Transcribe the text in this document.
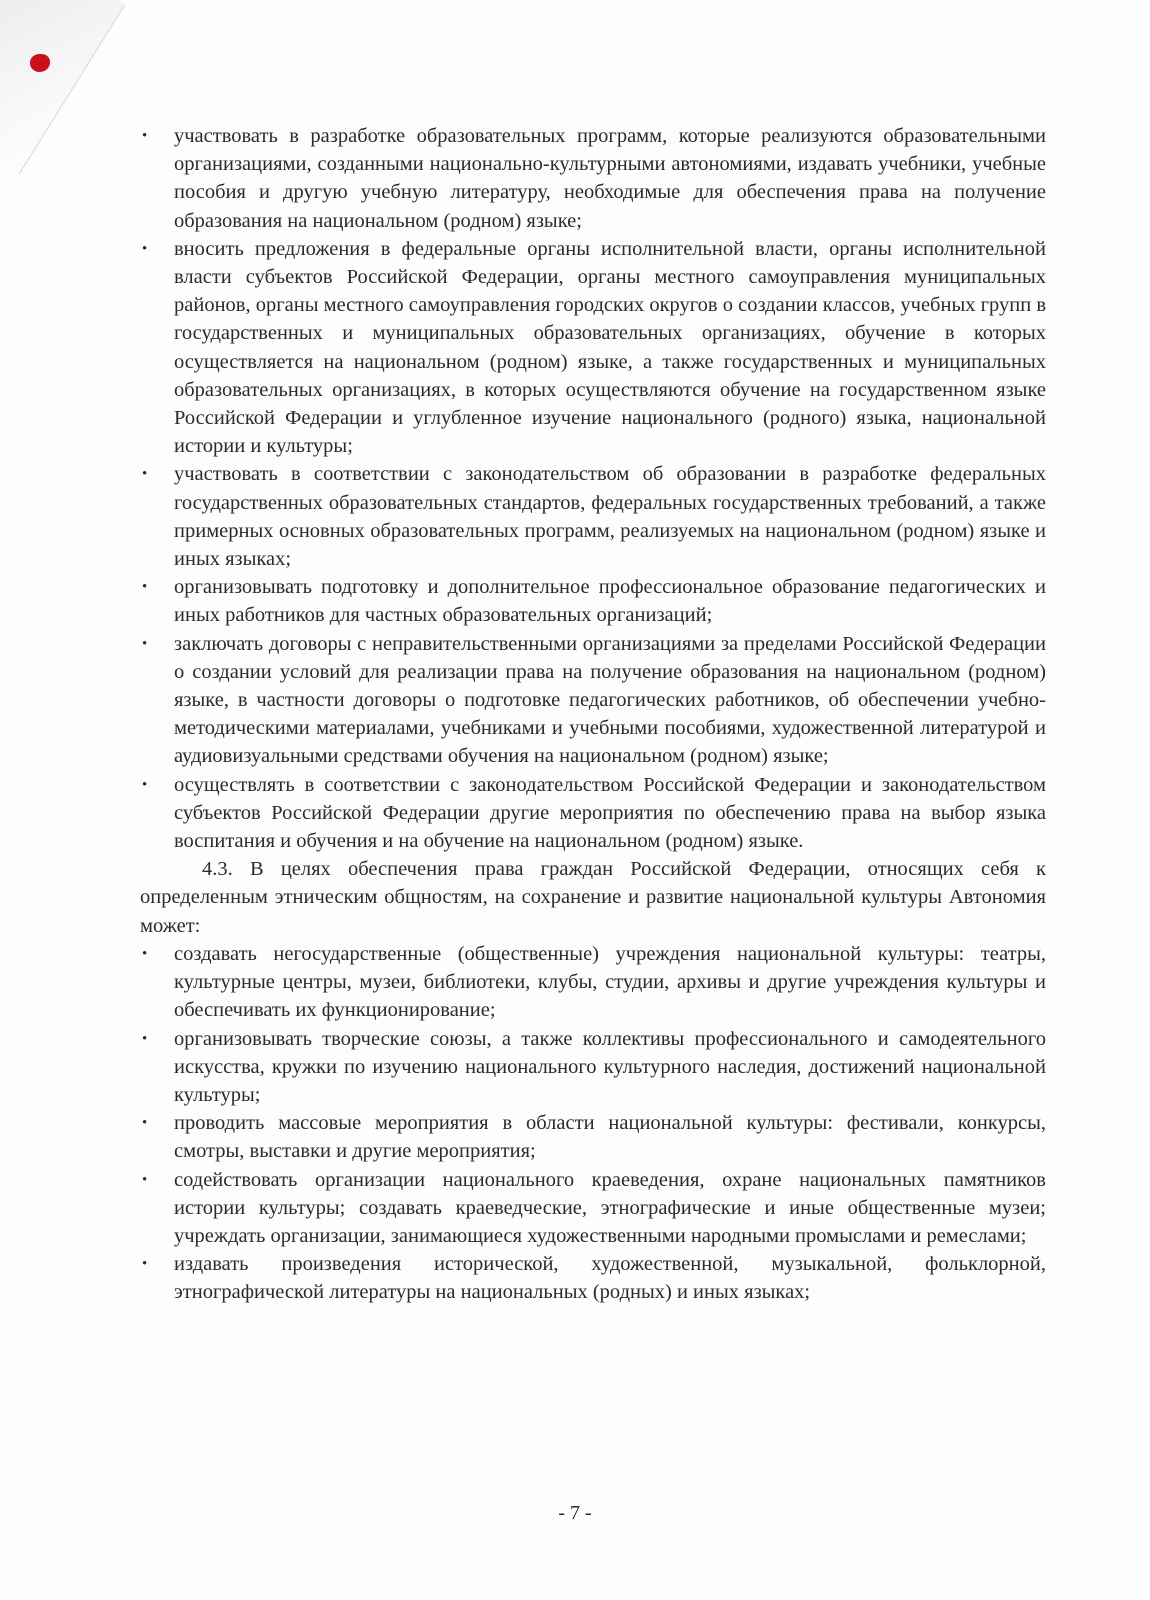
• участвовать в разработке образовательных программ, которые реализуются образовательными организациями, созданными национально-культурными автономиями, издавать учебники, учебные пособия и другую учебную литературу, необходимые для обеспечения права на получение образования на национальном (родном) языке;
• вносить предложения в федеральные органы исполнительной власти, органы исполнительной власти субъектов Российской Федерации, органы местного самоуправления муниципальных районов, органы местного самоуправления городских округов о создании классов, учебных групп в государственных и муниципальных образовательных организациях, обучение в которых осуществляется на национальном (родном) языке, а также государственных и муниципальных образовательных организациях, в которых осуществляются обучение на государственном языке Российской Федерации и углубленное изучение национального (родного) языка, национальной истории и культуры;
• участвовать в соответствии с законодательством об образовании в разработке федеральных государственных образовательных стандартов, федеральных государственных требований, а также примерных основных образовательных программ, реализуемых на национальном (родном) языке и иных языках;
• организовывать подготовку и дополнительное профессиональное образование педагогических и иных работников для частных образовательных организаций;
• заключать договоры с неправительственными организациями за пределами Российской Федерации о создании условий для реализации права на получение образования на национальном (родном) языке, в частности договоры о подготовке педагогических работников, об обеспечении учебно-методическими материалами, учебниками и учебными пособиями, художественной литературой и аудиовизуальными средствами обучения на национальном (родном) языке;
• осуществлять в соответствии с законодательством Российской Федерации и законодательством субъектов Российской Федерации другие мероприятия по обеспечению права на выбор языка воспитания и обучения и на обучение на национальном (родном) языке.

4.3. В целях обеспечения права граждан Российской Федерации, относящих себя к определенным этническим общностям, на сохранение и развитие национальной культуры Автономия может:

• создавать негосударственные (общественные) учреждения национальной культуры: театры, культурные центры, музеи, библиотеки, клубы, студии, архивы и другие учреждения культуры и обеспечивать их функционирование;
• организовывать творческие союзы, а также коллективы профессионального и самодеятельного искусства, кружки по изучению национального культурного наследия, достижений национальной культуры;
• проводить массовые мероприятия в области национальной культуры: фестивали, конкурсы, смотры, выставки и другие мероприятия;
• содействовать организации национального краеведения, охране национальных памятников истории культуры; создавать краеведческие, этнографические и иные общественные музеи; учреждать организации, занимающиеся художественными народными промыслами и ремеслами;
• издавать произведения исторической, художественной, музыкальной, фольклорной, этнографической литературы на национальных (родных) и иных языках;
- 7 -
